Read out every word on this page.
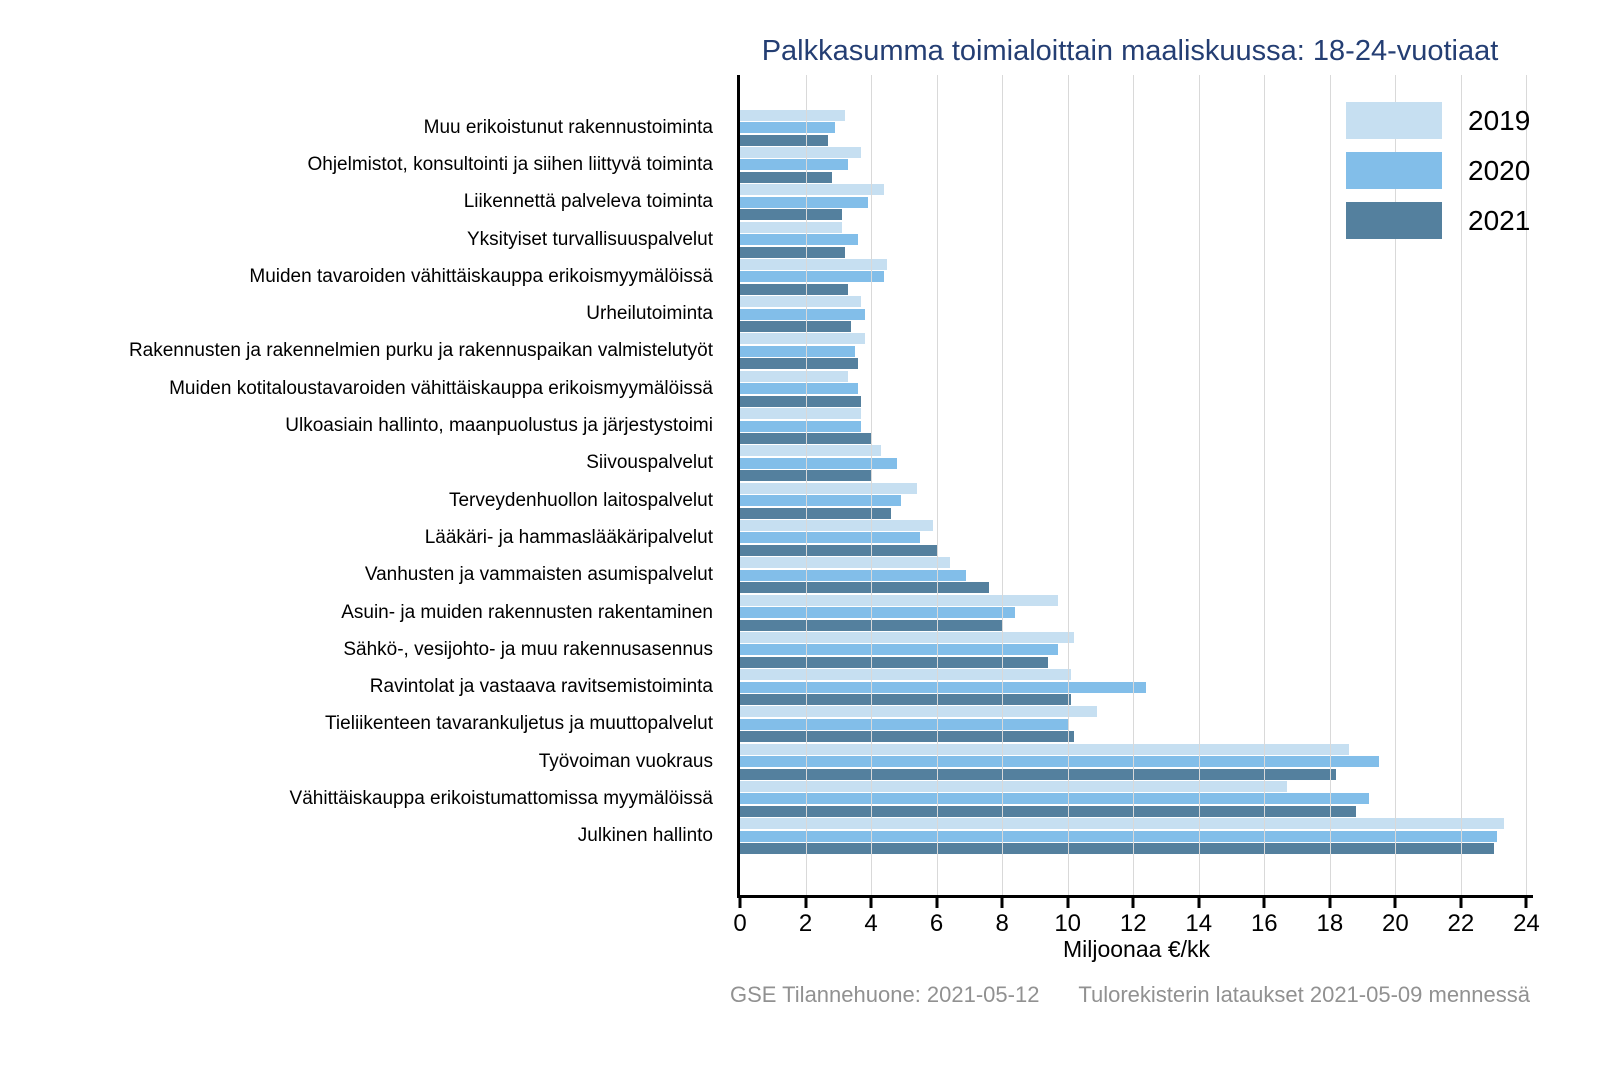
Palkkasumma toimialoittain maaliskuussa: 18-24-vuotiaat
Muu erikoistunut rakennustoiminta
Ohjelmistot, konsultointi ja siihen liittyvä toiminta
Liikennettä palveleva toiminta
Yksityiset turvallisuuspalvelut
Muiden tavaroiden vähittäiskauppa erikoismyymälöissä
Urheilutoiminta
Rakennusten ja rakennelmien purku ja rakennuspaikan valmistelutyöt
Muiden kotitaloustavaroiden vähittäiskauppa erikoismyymälöissä
Ulkoasiain hallinto, maanpuolustus ja järjestystoimi
Siivouspalvelut
Terveydenhuollon laitospalvelut
Lääkäri- ja hammaslääkäripalvelut
Vanhusten ja vammaisten asumispalvelut
Asuin- ja muiden rakennusten rakentaminen
Sähkö-, vesijohto- ja muu rakennusasennus
Ravintolat ja vastaava ravitsemistoiminta
Tieliikenteen tavarankuljetus ja muuttopalvelut
Työvoiman vuokraus
Vähittäiskauppa erikoistumattomissa myymälöissä
Julkinen hallinto
0 2 4 6 8 10 12 14 16 18 20 22 24
2019
2020
2021
Miljoonaa €/kk
GSE Tilannehuone: 2021-05-12 Tulorekisterin lataukset 2021-05-09 mennessä
